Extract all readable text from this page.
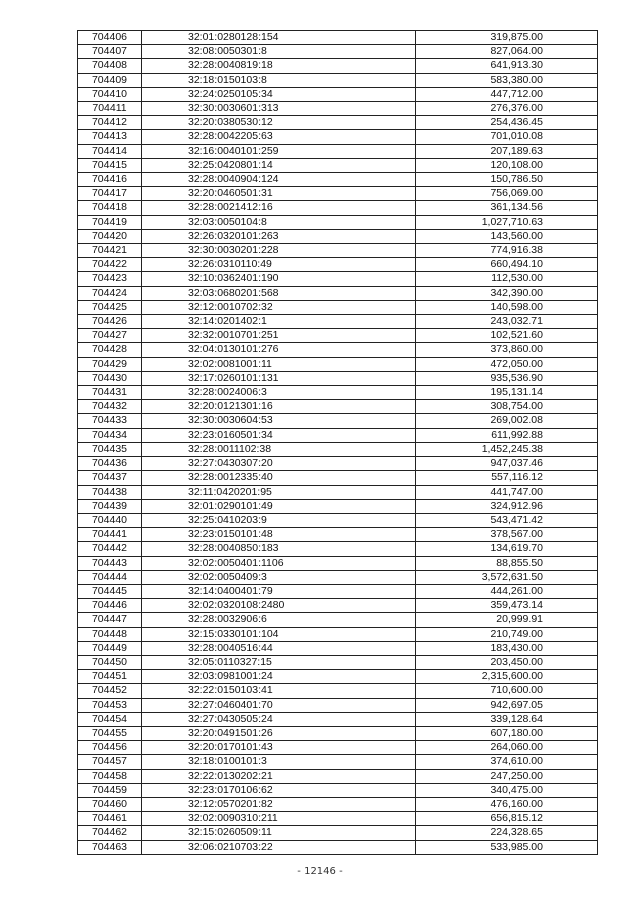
704406	32:01:0280128:154	319,875.00
704407	32:08:0050301:8	827,064.00
704408	32:28:0040819:18	641,913.30
704409	32:18:0150103:8	583,380.00
704410	32:24:0250105:34	447,712.00
704411	32:30:0030601:313	276,376.00
704412	32:20:0380530:12	254,436.45
704413	32:28:0042205:63	701,010.08
704414	32:16:0040101:259	207,189.63
704415	32:25:0420801:14	120,108.00
704416	32:28:0040904:124	150,786.50
704417	32:20:0460501:31	756,069.00
704418	32:28:0021412:16	361,134.56
704419	32:03:0050104:8	1,027,710.63
704420	32:26:0320101:263	143,560.00
704421	32:30:0030201:228	774,916.38
704422	32:26:0310110:49	660,494.10
704423	32:10:0362401:190	112,530.00
704424	32:03:0680201:568	342,390.00
704425	32:12:0010702:32	140,598.00
704426	32:14:0201402:1	243,032.71
704427	32:32:0010701:251	102,521.60
704428	32:04:0130101:276	373,860.00
704429	32:02:0081001:11	472,050.00
704430	32:17:0260101:131	935,536.90
704431	32:28:0024006:3	195,131.14
704432	32:20:0121301:16	308,754.00
704433	32:30:0030604:53	269,002.08
704434	32:23:0160501:34	611,992.88
704435	32:28:0011102:38	1,452,245.38
704436	32:27:0430307:20	947,037.46
704437	32:28:0012335:40	557,116.12
704438	32:11:0420201:95	441,747.00
704439	32:01:0290101:49	324,912.96
704440	32:25:0410203:9	543,471.42
704441	32:23:0150101:48	378,567.00
704442	32:28:0040850:183	134,619.70
704443	32:02:0050401:1106	88,855.50
704444	32:02:0050409:3	3,572,631.50
704445	32:14:0400401:79	444,261.00
704446	32:02:0320108:2480	359,473.14
704447	32:28:0032906:6	20,999.91
704448	32:15:0330101:104	210,749.00
704449	32:28:0040516:44	183,430.00
704450	32:05:0110327:15	203,450.00
704451	32:03:0981001:24	2,315,600.00
704452	32:22:0150103:41	710,600.00
704453	32:27:0460401:70	942,697.05
704454	32:27:0430505:24	339,128.64
704455	32:20:0491501:26	607,180.00
704456	32:20:0170101:43	264,060.00
704457	32:18:0100101:3	374,610.00
704458	32:22:0130202:21	247,250.00
704459	32:23:0170106:62	340,475.00
704460	32:12:0570201:82	476,160.00
704461	32:02:0090310:211	656,815.12
704462	32:15:0260509:11	224,328.65
704463	32:06:0210703:22	533,985.00
- 12146 -
